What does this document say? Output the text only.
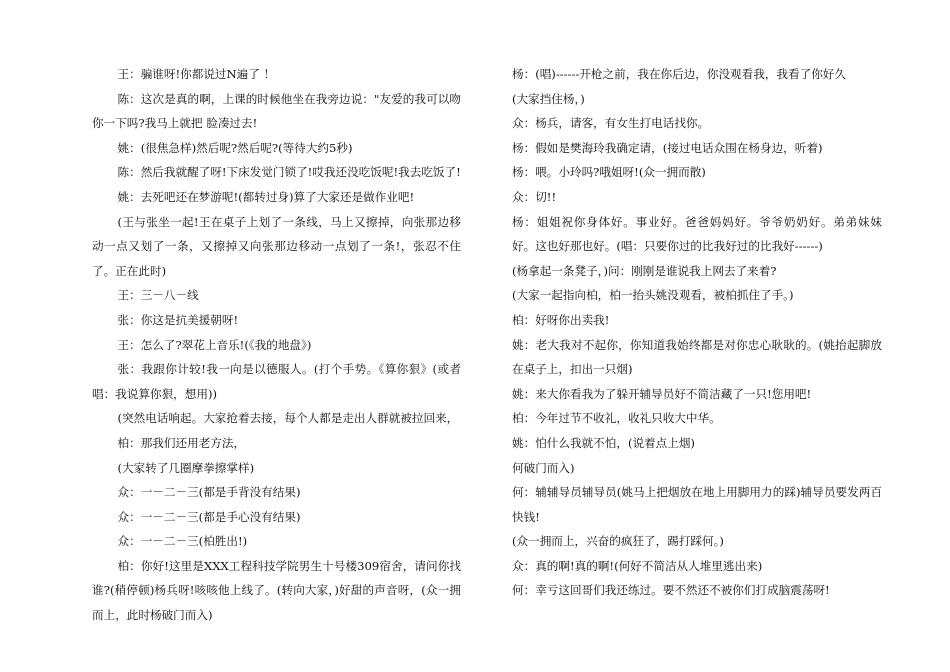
王：骗谁呀!你都说过N遍了 ！

陈：这次是真的啊，上课的时候他坐在我旁边说："友爱的我可以吻你一下吗?我马上就把 脸凑过去!

姚：(很焦急样)然后呢?然后呢?(等待大约5秒)

陈：然后我就醒了呀!下床发觉门锁了!哎我还没吃饭呢!我去吃饭了!

姚：去死吧还在梦游呢!(都转过身)算了大家还是做作业吧!

(王与张坐一起!王在桌子上划了一条线，马上又擦掉，向张那边移动一点又划了一条，又擦掉又向张那边移动一点划了一条!，张忍不住了。正在此时)

王：三－八－线

张：你这是抗美援朝呀!

王：怎么了?翠花上音乐!(《我的地盘》)

张：我跟你计较!我一向是以德服人。(打个手势。《算你狠》(或者唱：我说算你狠，想用))

(突然电话响起。大家抢着去接，每个人都是走出人群就被拉回来，

柏：那我们还用老方法，

(大家转了几圈摩拳擦掌样)

众：一－二－三(都是手背没有结果)

众：一－二－三(都是手心没有结果)

众：一－二－三(柏胜出!)

柏：你好!这里是XXX工程科技学院男生十号楼309宿舍，请问你找谁?(稍停顿)杨兵呀!咳咳他上线了。(转向大家，)好甜的声音呀，(众一拥而上，此时杨破门而入)

杨：(唱)------开枪之前，我在你后边，你没观看我，我看了你好久

(大家挡住杨，)

众：杨兵，请客，有女生打电话找你。

杨：假如是樊海玲我确定请，(接过电话众围在杨身边，听着)

杨：喂。小玲吗?哦姐呀!(众一拥而散)

众：切!!

杨：姐姐祝你身体好。事业好。爸爸妈妈好。爷爷奶奶好。弟弟妹妹好。这也好那也好。(唱：只要你过的比我好过的比我好------)

(杨拿起一条凳子，)问：刚刚是谁说我上网去了来着?

(大家一起指向柏，柏一抬头姚没观看，被柏抓住了手。)

柏：好呀你出卖我!

姚：老大我对不起你，你知道我始终都是对你忠心耿耿的。(姚抬起脚放在桌子上，扣出一只烟)

姚：来大你看我为了躲开辅导员好不简洁藏了一只!您用吧!

柏：今年过节不收礼，收礼只收大中华。

姚：怕什么我就不怕，(说着点上烟)

何破门而入)

何：辅辅导员辅导员(姚马上把烟放在地上用脚用力的踩)辅导员要发两百快钱!

(众一拥而上，兴奋的疯狂了，踢打踩何。)

众：真的啊!真的啊!(何好不简洁从人堆里逃出来)

何：幸亏这回哥们我还练过。要不然还不被你们打成脑震荡呀!
